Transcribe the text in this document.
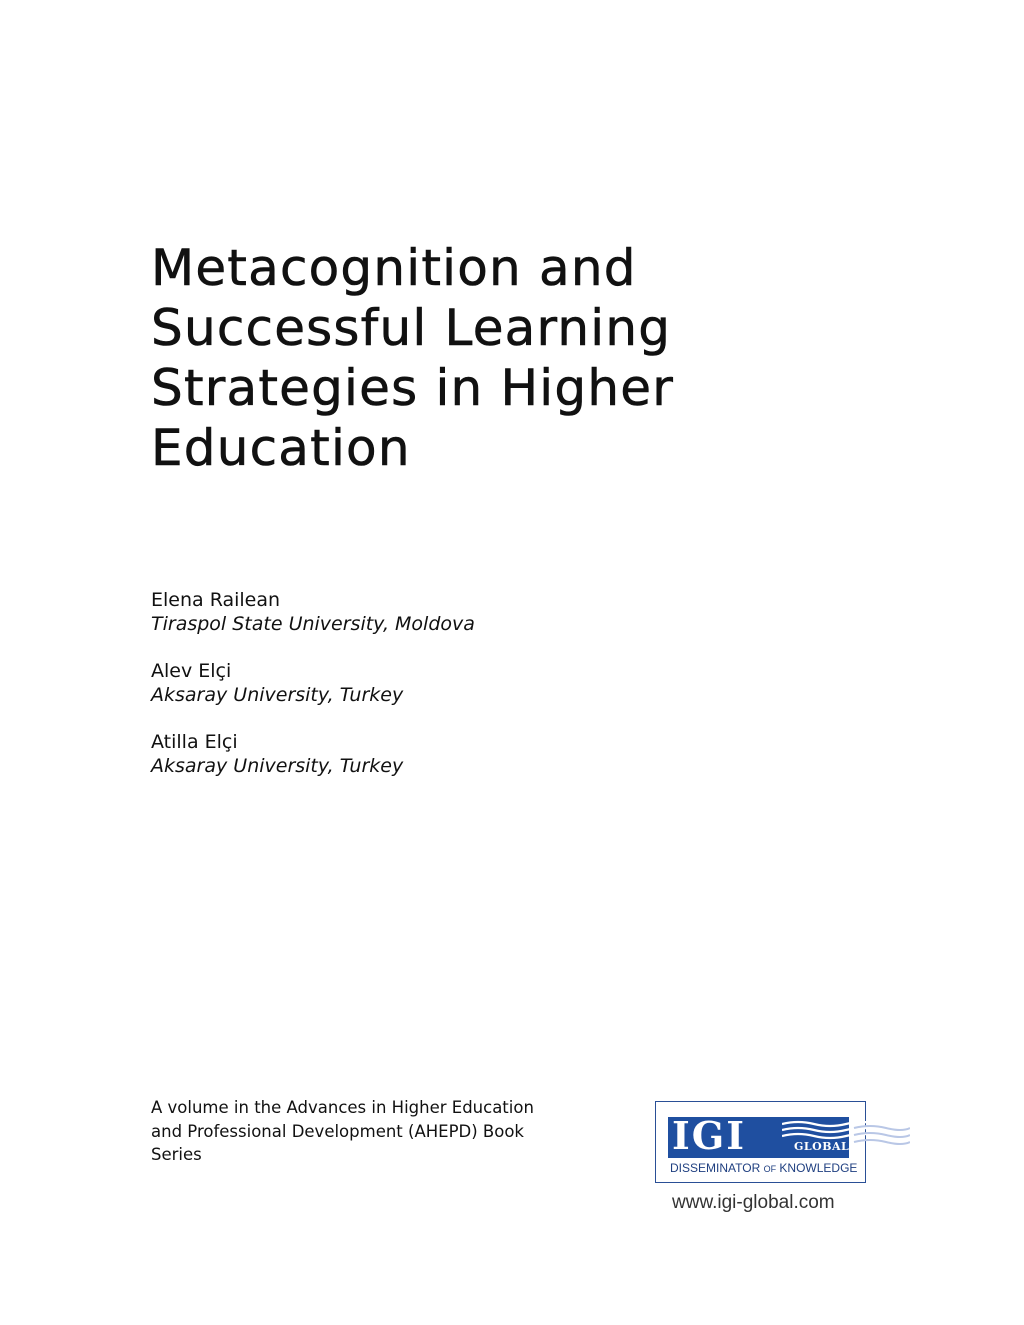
Metacognition and
Successful Learning
Strategies in Higher
Education
Elena Railean
Tiraspol State University, Moldova
Alev Elçi
Aksaray University, Turkey
Atilla Elçi
Aksaray University, Turkey
A volume in the Advances in Higher Education
and Professional Development (AHEPD) Book
Series	IGI	GLOBAL
DISSEMINATOR OF KNOWLEDGE
www.igi-global.com
